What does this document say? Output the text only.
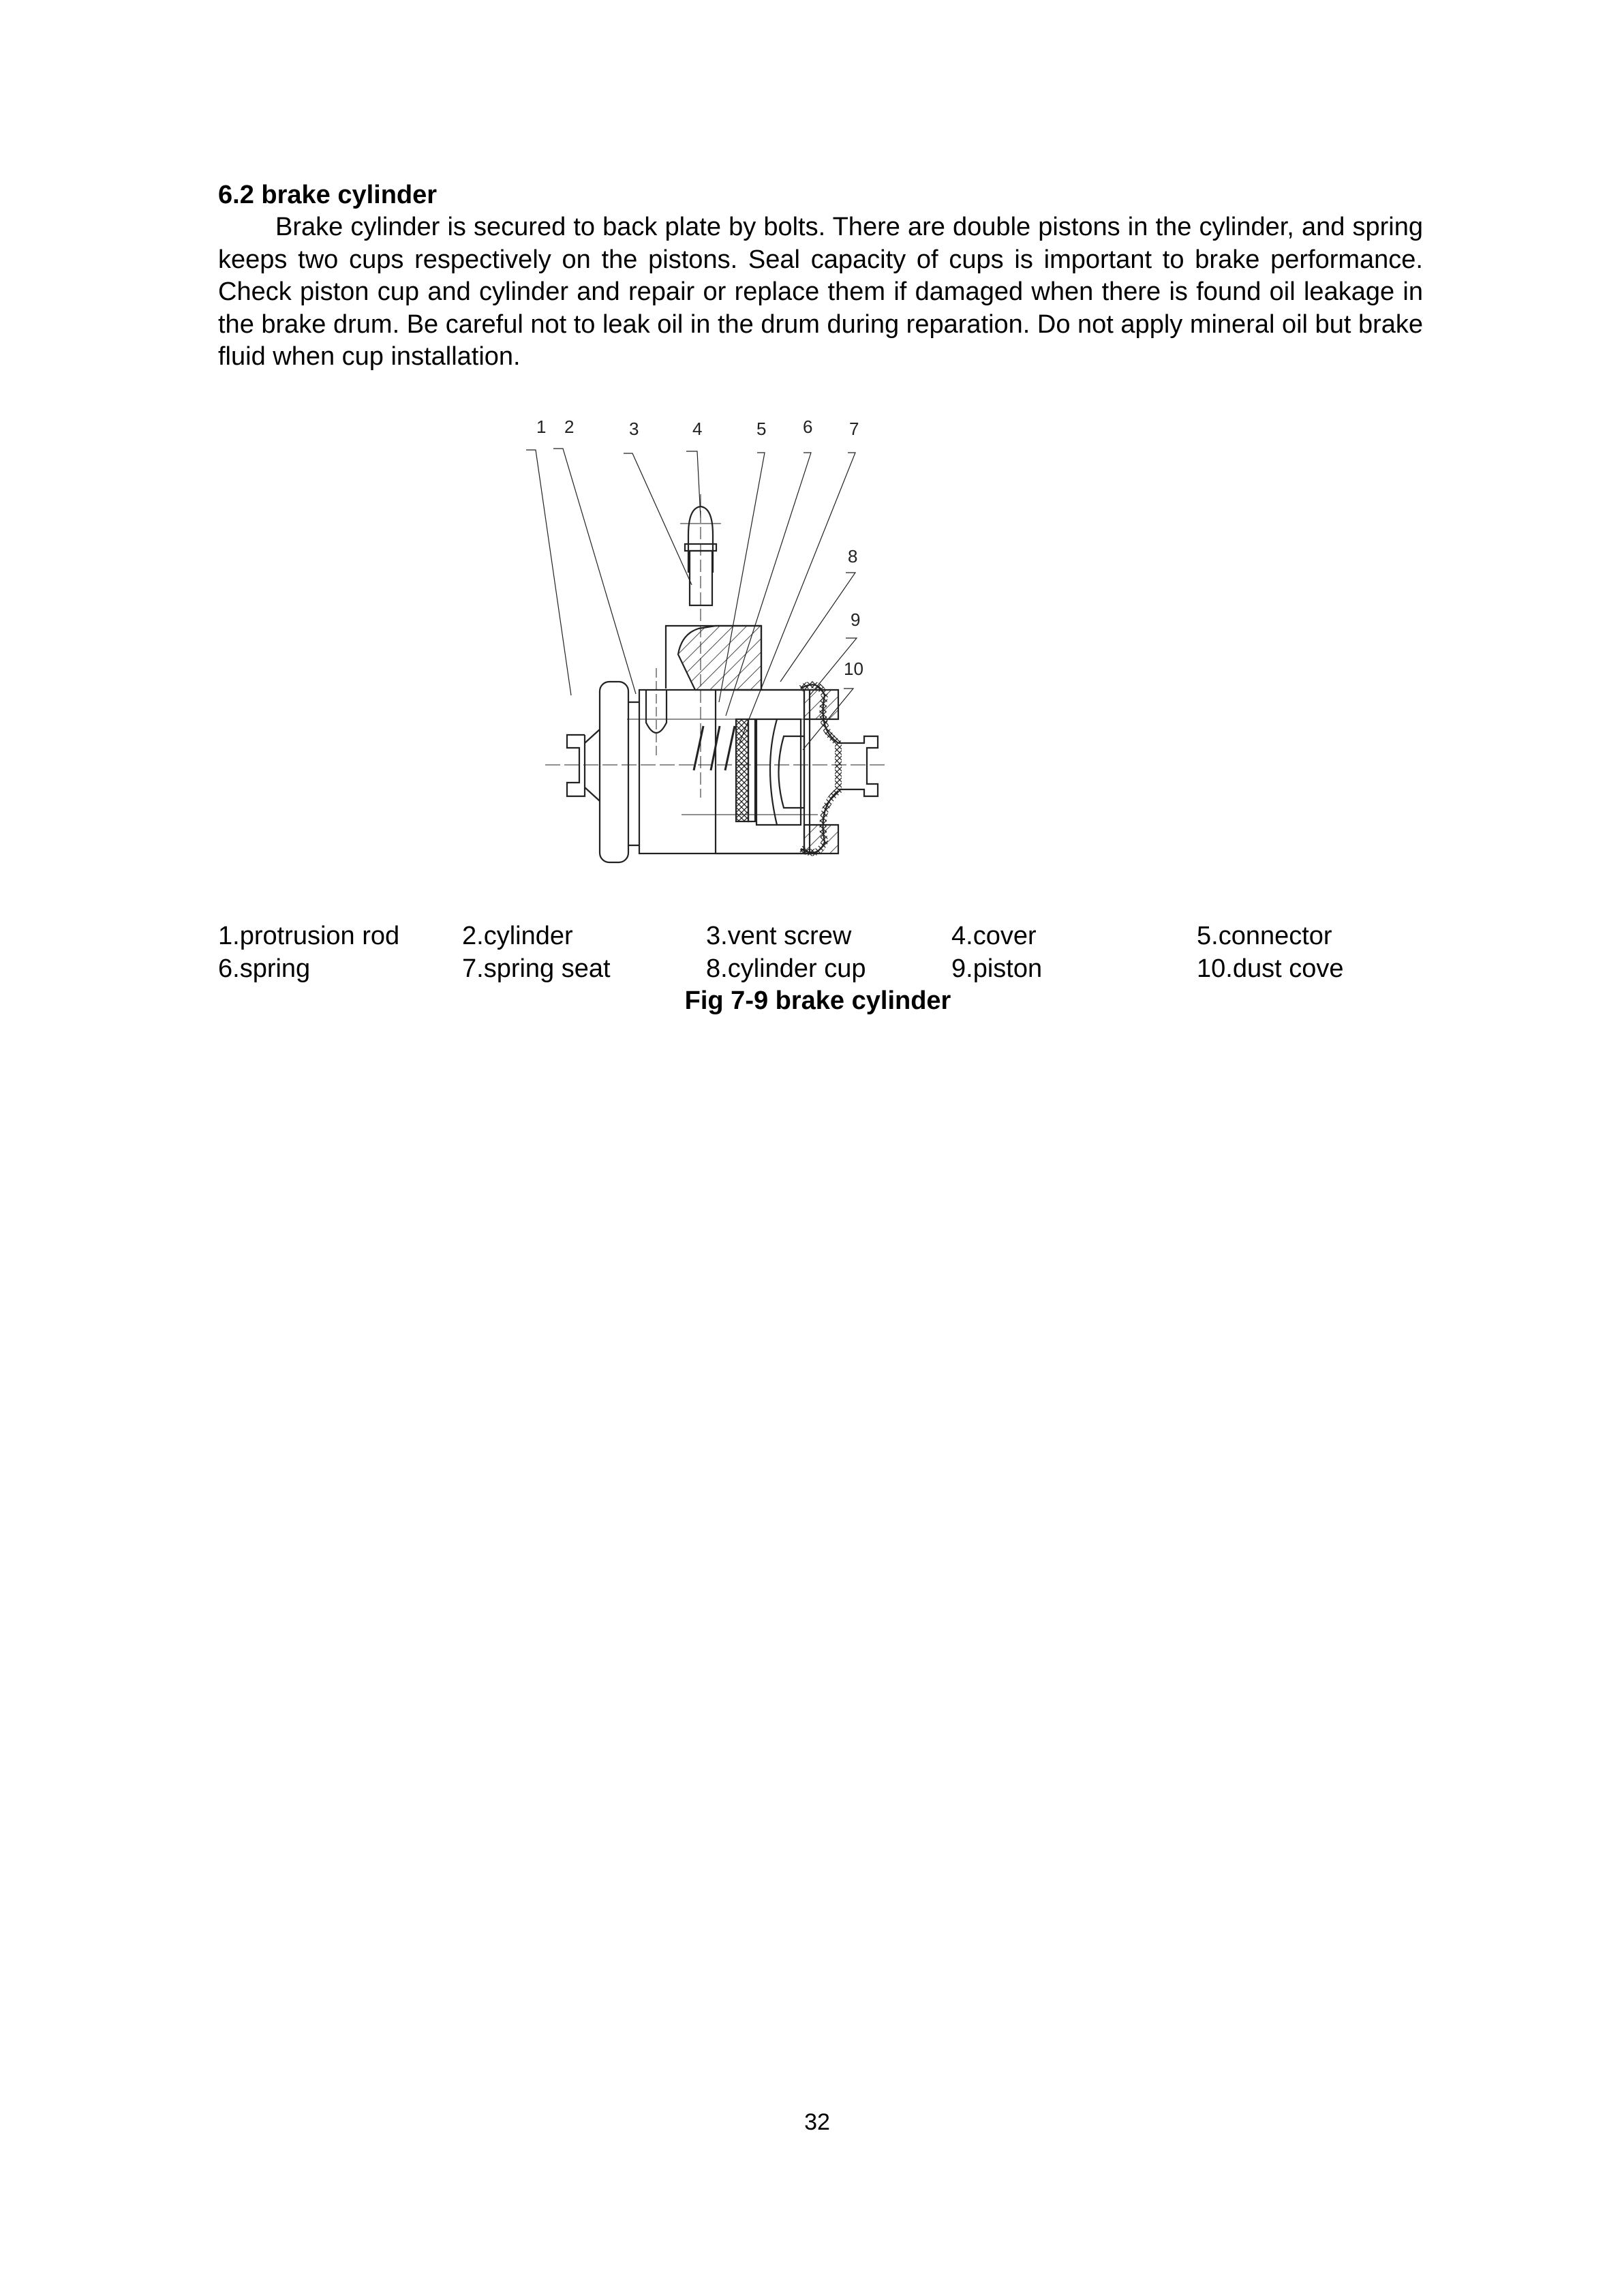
6.2 brake cylinder

Brake cylinder is secured to back plate by bolts. There are double pistons in the cylinder, and spring keeps two cups respectively on the pistons. Seal capacity of cups is important to brake performance. Check piston cup and cylinder and repair or replace them if damaged when there is found oil leakage in the brake drum. Be careful not to leak oil in the drum during reparation. Do not apply mineral oil but brake fluid when cup installation.

1 2	3	4	5 6 7
8
9
10
1.protrusion rod	2.cylinder	3.vent screw	4.cover	5.connector
6.spring	7.spring seat	8.cylinder cup	9.piston	10.dust cove
Fig 7-9 brake cylinder
32
